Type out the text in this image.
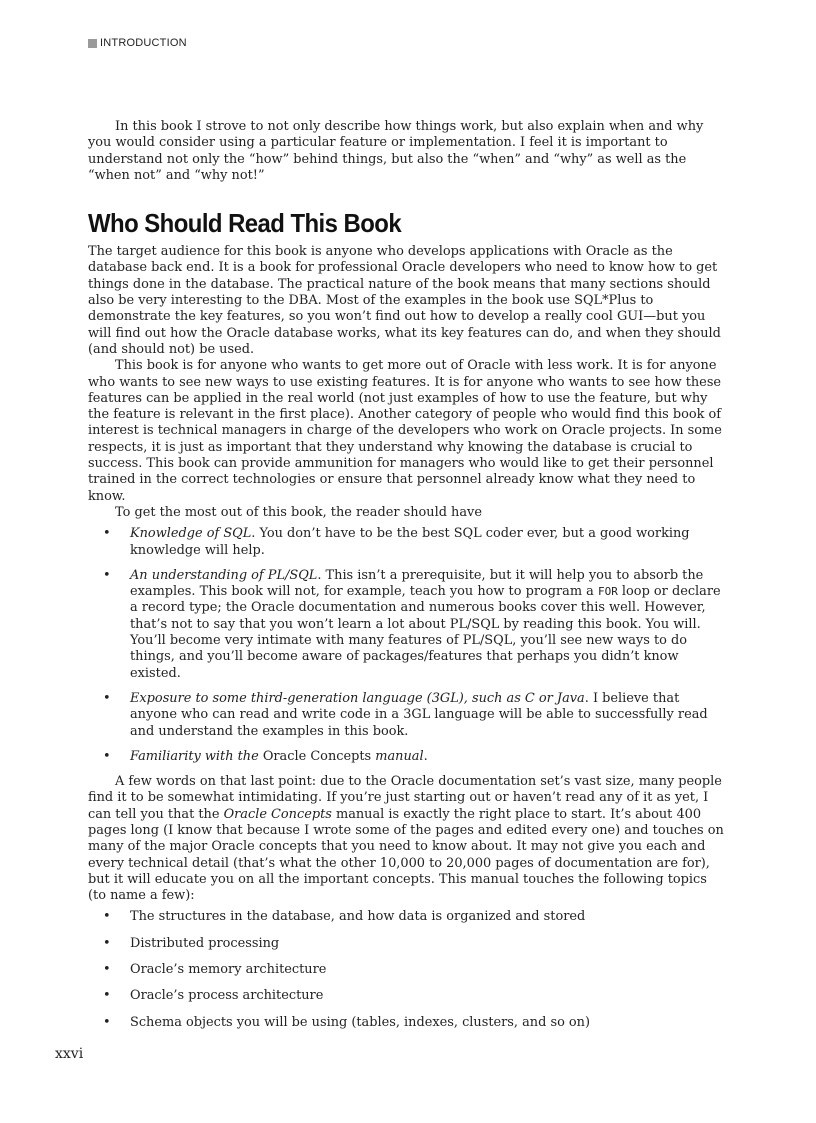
INTRODUCTION

In this book I strove to not only describe how things work, but also explain when and why you would consider using a particular feature or implementation. I feel it is important to understand not only the “how” behind things, but also the “when” and “why” as well as the “when not” and “why not!”

Who Should Read This Book

The target audience for this book is anyone who develops applications with Oracle as the database back end. It is a book for professional Oracle developers who need to know how to get things done in the database. The practical nature of the book means that many sections should also be very interesting to the DBA. Most of the examples in the book use SQL*Plus to demonstrate the key features, so you won’t find out how to develop a really cool GUI—but you will find out how the Oracle database works, what its key features can do, and when they should (and should not) be used.

This book is for anyone who wants to get more out of Oracle with less work. It is for anyone who wants to see new ways to use existing features. It is for anyone who wants to see how these features can be applied in the real world (not just examples of how to use the feature, but why the feature is relevant in the first place). Another category of people who would find this book of interest is technical managers in charge of the developers who work on Oracle projects. In some respects, it is just as important that they understand why knowing the database is crucial to success. This book can provide ammunition for managers who would like to get their personnel trained in the correct technologies or ensure that personnel already know what they need to know.

To get the most out of this book, the reader should have

• Knowledge of SQL. You don’t have to be the best SQL coder ever, but a good working knowledge will help.
• An understanding of PL/SQL. This isn’t a prerequisite, but it will help you to absorb the examples. This book will not, for example, teach you how to program a FOR loop or declare a record type; the Oracle documentation and numerous books cover this well. However, that’s not to say that you won’t learn a lot about PL/SQL by reading this book. You will. You’ll become very intimate with many features of PL/SQL, you’ll see new ways to do things, and you’ll become aware of packages/features that perhaps you didn’t know existed.
• Exposure to some third-generation language (3GL), such as C or Java. I believe that anyone who can read and write code in a 3GL language will be able to successfully read and understand the examples in this book.
• Familiarity with the Oracle Concepts manual.

A few words on that last point: due to the Oracle documentation set’s vast size, many people find it to be somewhat intimidating. If you’re just starting out or haven’t read any of it as yet, I can tell you that the Oracle Concepts manual is exactly the right place to start. It’s about 400 pages long (I know that because I wrote some of the pages and edited every one) and touches on many of the major Oracle concepts that you need to know about. It may not give you each and every technical detail (that’s what the other 10,000 to 20,000 pages of documentation are for), but it will educate you on all the important concepts. This manual touches the following topics (to name a few):

• The structures in the database, and how data is organized and stored
• Distributed processing
• Oracle’s memory architecture
• Oracle’s process architecture
• Schema objects you will be using (tables, indexes, clusters, and so on)
xxvi
